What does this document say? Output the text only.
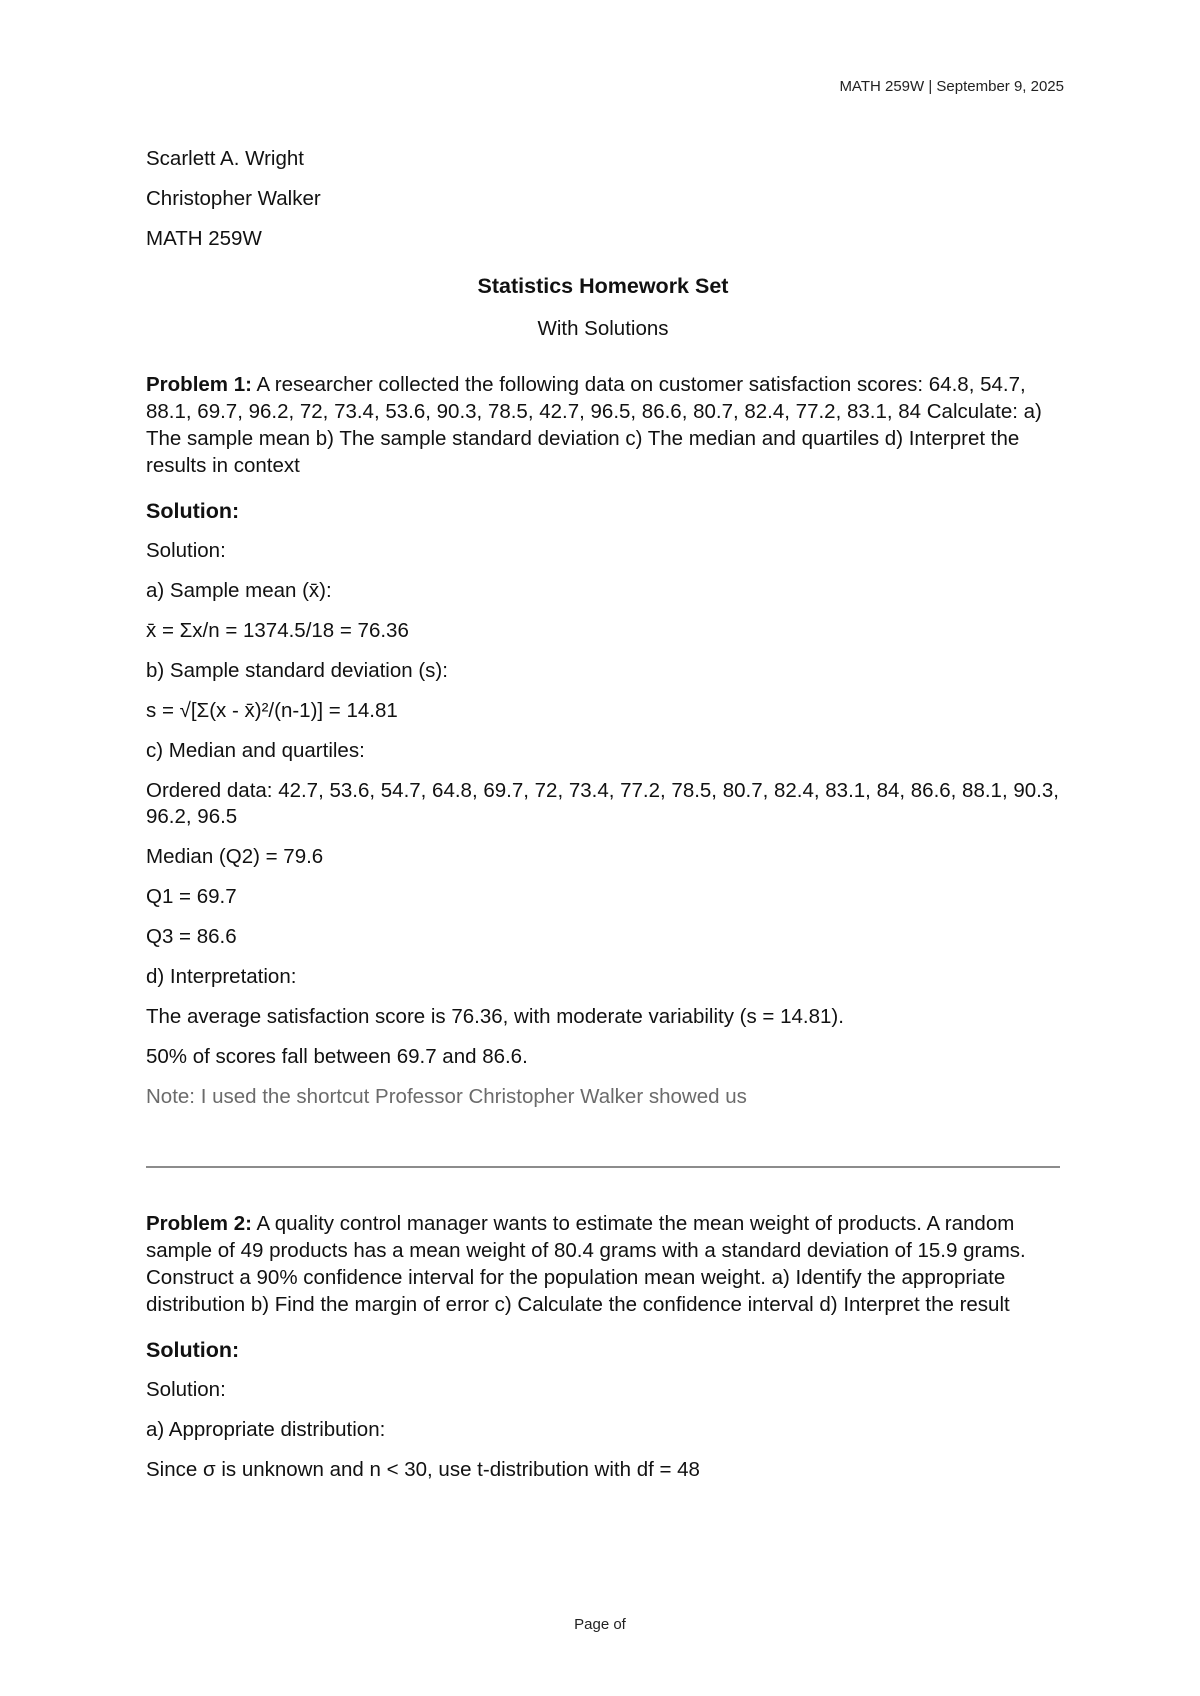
MATH 259W | September 9, 2025
Scarlett A. Wright
Christopher Walker
MATH 259W
Statistics Homework Set
With Solutions
Problem 1: A researcher collected the following data on customer satisfaction scores: 64.8, 54.7, 88.1, 69.7, 96.2, 72, 73.4, 53.6, 90.3, 78.5, 42.7, 96.5, 86.6, 80.7, 82.4, 77.2, 83.1, 84 Calculate: a) The sample mean b) The sample standard deviation c) The median and quartiles d) Interpret the results in context
Solution:
Solution:
a) Sample mean (x̄):
x̄ = Σx/n = 1374.5/18 = 76.36
b) Sample standard deviation (s):
s = √[Σ(x - x̄)²/(n-1)] = 14.81
c) Median and quartiles:
Ordered data: 42.7, 53.6, 54.7, 64.8, 69.7, 72, 73.4, 77.2, 78.5, 80.7, 82.4, 83.1, 84, 86.6, 88.1, 90.3, 96.2, 96.5
Median (Q2) = 79.6
Q1 = 69.7
Q3 = 86.6
d) Interpretation:
The average satisfaction score is 76.36, with moderate variability (s = 14.81).
50% of scores fall between 69.7 and 86.6.
Note: I used the shortcut Professor Christopher Walker showed us
Problem 2: A quality control manager wants to estimate the mean weight of products. A random sample of 49 products has a mean weight of 80.4 grams with a standard deviation of 15.9 grams. Construct a 90% confidence interval for the population mean weight. a) Identify the appropriate distribution b) Find the margin of error c) Calculate the confidence interval d) Interpret the result
Solution:
Solution:
a) Appropriate distribution:
Since σ is unknown and n < 30, use t-distribution with df = 48
Page of
